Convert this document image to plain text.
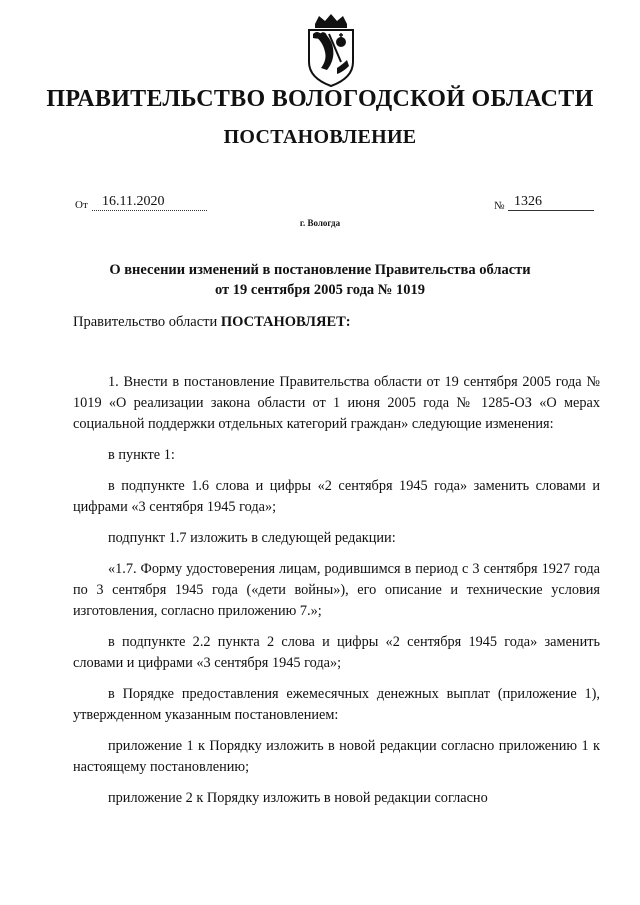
ПРАВИТЕЛЬСТВО ВОЛОГОДСКОЙ ОБЛАСТИ
ПОСТАНОВЛЕНИЕ
От	16.11.2020	№ 1326
г. Вологда
О внесении изменений в постановление Правительства области
от 19 сентября 2005 года № 1019
Правительство области ПОСТАНОВЛЯЕТ:

1. Внести в постановление Правительства области от 19 сентября 2005 года № 1019 «О реализации закона области от 1 июня 2005 года № 1285-ОЗ «О мерах социальной поддержки отдельных категорий граждан» следующие изменения:

в пункте 1:

в подпункте 1.6 слова и цифры «2 сентября 1945 года» заменить словами и цифрами «3 сентября 1945 года»;

подпункт 1.7 изложить в следующей редакции:

«1.7. Форму удостоверения лицам, родившимся в период с 3 сентября 1927 года по 3 сентября 1945 года («дети войны»), его описание и технические условия изготовления, согласно приложению 7.»;

в подпункте 2.2 пункта 2 слова и цифры «2 сентября 1945 года» заменить словами и цифрами «3 сентября 1945 года»;

в Порядке предоставления ежемесячных денежных выплат (приложение 1), утвержденном указанным постановлением:

приложение 1 к Порядку изложить в новой редакции согласно приложению 1 к настоящему постановлению;

приложение 2 к Порядку изложить в новой редакции согласно
